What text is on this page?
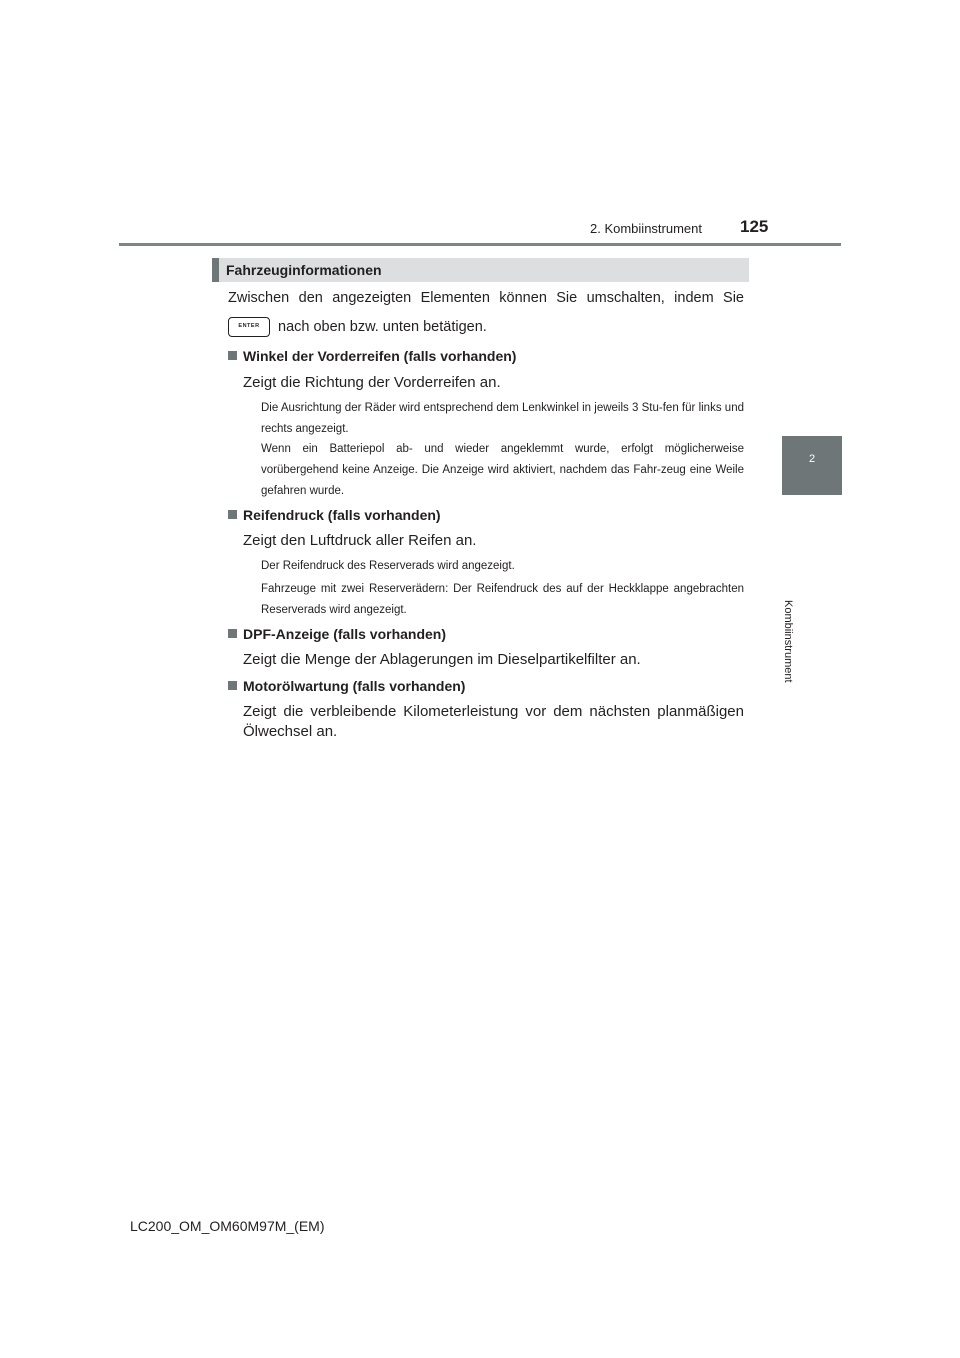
2. Kombiinstrument 125
2
Kombiinstrument
Fahrzeuginformationen
Zwischen den angezeigten Elementen können Sie umschalten, indem Sie
ENTER	nach oben bzw. unten betätigen.
Winkel der Vorderreifen (falls vorhanden)
Zeigt die Richtung der Vorderreifen an.
Die Ausrichtung der Räder wird entsprechend dem Lenkwinkel in jeweils 3 Stu-fen für links und rechts angezeigt.
Wenn ein Batteriepol ab- und wieder angeklemmt wurde, erfolgt möglicherweise vorübergehend keine Anzeige. Die Anzeige wird aktiviert, nachdem das Fahr-zeug eine Weile gefahren wurde.
Reifendruck (falls vorhanden)
Zeigt den Luftdruck aller Reifen an.
Der Reifendruck des Reserverads wird angezeigt.
Fahrzeuge mit zwei Reserverädern: Der Reifendruck des auf der Heckklappe angebrachten Reserverads wird angezeigt.
DPF-Anzeige (falls vorhanden)
Zeigt die Menge der Ablagerungen im Dieselpartikelfilter an.
Motorölwartung (falls vorhanden)
Zeigt die verbleibende Kilometerleistung vor dem nächsten planmäßigen Ölwechsel an.
LC200_OM_OM60M97M_(EM)
